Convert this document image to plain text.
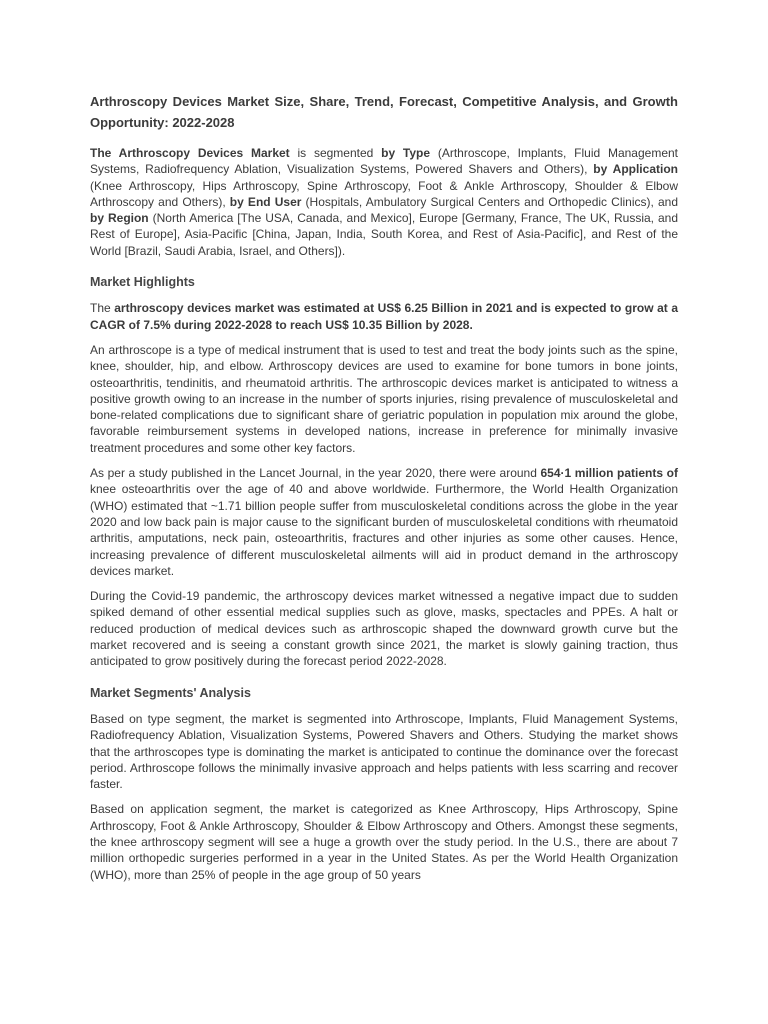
Arthroscopy Devices Market Size, Share, Trend, Forecast, Competitive Analysis, and Growth Opportunity: 2022-2028

The Arthroscopy Devices Market is segmented by Type (Arthroscope, Implants, Fluid Management Systems, Radiofrequency Ablation, Visualization Systems, Powered Shavers and Others), by Application (Knee Arthroscopy, Hips Arthroscopy, Spine Arthroscopy, Foot & Ankle Arthroscopy, Shoulder & Elbow Arthroscopy and Others), by End User (Hospitals, Ambulatory Surgical Centers and Orthopedic Clinics), and by Region (North America [The USA, Canada, and Mexico], Europe [Germany, France, The UK, Russia, and Rest of Europe], Asia-Pacific [China, Japan, India, South Korea, and Rest of Asia-Pacific], and Rest of the World [Brazil, Saudi Arabia, Israel, and Others]).

Market Highlights

The arthroscopy devices market was estimated at US$ 6.25 Billion in 2021 and is expected to grow at a CAGR of 7.5% during 2022-2028 to reach US$ 10.35 Billion by 2028.

An arthroscope is a type of medical instrument that is used to test and treat the body joints such as the spine, knee, shoulder, hip, and elbow. Arthroscopy devices are used to examine for bone tumors in bone joints, osteoarthritis, tendinitis, and rheumatoid arthritis. The arthroscopic devices market is anticipated to witness a positive growth owing to an increase in the number of sports injuries, rising prevalence of musculoskeletal and bone-related complications due to significant share of geriatric population in population mix around the globe, favorable reimbursement systems in developed nations, increase in preference for minimally invasive treatment procedures and some other key factors.

As per a study published in the Lancet Journal, in the year 2020, there were around 654·1 million patients of knee osteoarthritis over the age of 40 and above worldwide. Furthermore, the World Health Organization (WHO) estimated that ~1.71 billion people suffer from musculoskeletal conditions across the globe in the year 2020 and low back pain is major cause to the significant burden of musculoskeletal conditions with rheumatoid arthritis, amputations, neck pain, osteoarthritis, fractures and other injuries as some other causes. Hence, increasing prevalence of different musculoskeletal ailments will aid in product demand in the arthroscopy devices market.

During the Covid-19 pandemic, the arthroscopy devices market witnessed a negative impact due to sudden spiked demand of other essential medical supplies such as glove, masks, spectacles and PPEs. A halt or reduced production of medical devices such as arthroscopic shaped the downward growth curve but the market recovered and is seeing a constant growth since 2021, the market is slowly gaining traction, thus anticipated to grow positively during the forecast period 2022-2028.

Market Segments' Analysis

Based on type segment, the market is segmented into Arthroscope, Implants, Fluid Management Systems, Radiofrequency Ablation, Visualization Systems, Powered Shavers and Others. Studying the market shows that the arthroscopes type is dominating the market is anticipated to continue the dominance over the forecast period. Arthroscope follows the minimally invasive approach and helps patients with less scarring and recover faster.

Based on application segment, the market is categorized as Knee Arthroscopy, Hips Arthroscopy, Spine Arthroscopy, Foot & Ankle Arthroscopy, Shoulder & Elbow Arthroscopy and Others. Amongst these segments, the knee arthroscopy segment will see a huge a growth over the study period. In the U.S., there are about 7 million orthopedic surgeries performed in a year in the United States. As per the World Health Organization (WHO), more than 25% of people in the age group of 50 years
